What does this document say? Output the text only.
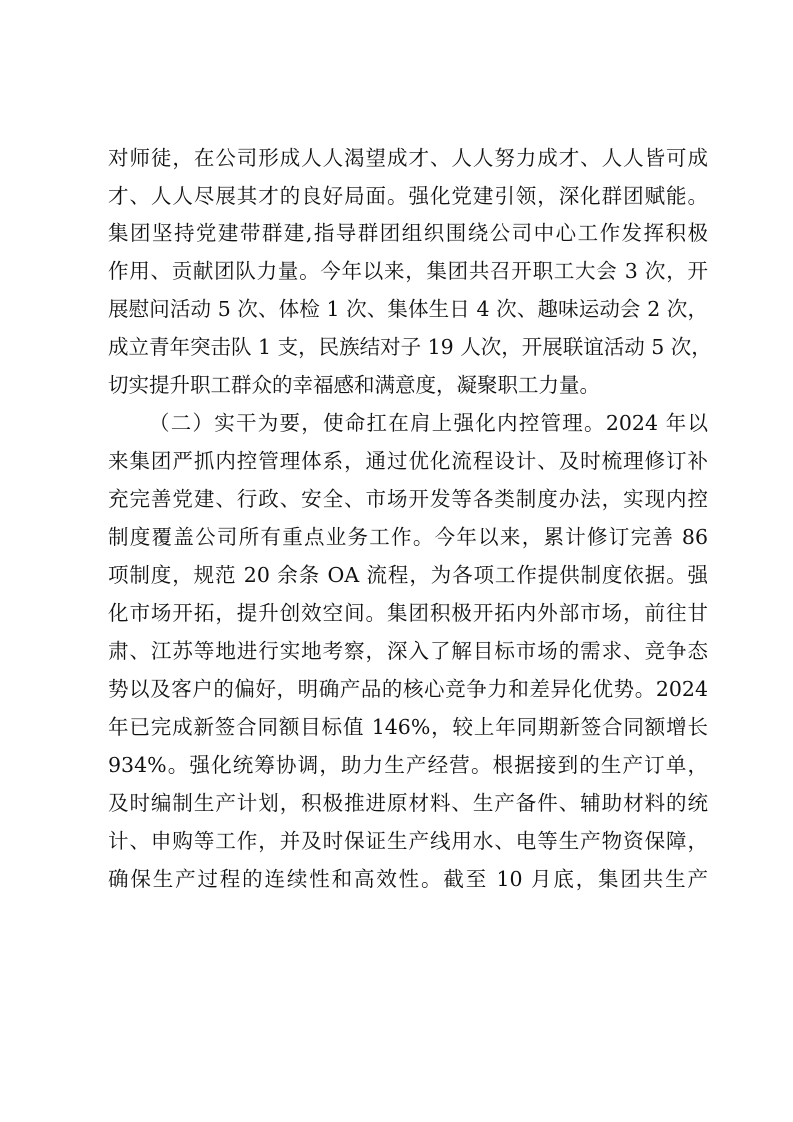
对师徒，在公司形成人人渴望成才、人人努力成才、人人皆可成
才、人人尽展其才的良好局面。强化党建引领，深化群团赋能。
集团坚持党建带群建,指导群团组织围绕公司中心工作发挥积极
作用、贡献团队力量。今年以来，集团共召开职工大会 3 次，开
展慰问活动 5 次、体检 1 次、集体生日 4 次、趣味运动会 2 次，
成立青年突击队 1 支，民族结对子 19 人次，开展联谊活动 5 次，
切实提升职工群众的幸福感和满意度，凝聚职工力量。
（二）实干为要，使命扛在肩上强化内控管理。2024 年以
来集团严抓内控管理体系，通过优化流程设计、及时梳理修订补
充完善党建、行政、安全、市场开发等各类制度办法，实现内控
制度覆盖公司所有重点业务工作。今年以来，累计修订完善 86
项制度，规范 20 余条 OA 流程，为各项工作提供制度依据。强
化市场开拓，提升创效空间。集团积极开拓内外部市场，前往甘
肃、江苏等地进行实地考察，深入了解目标市场的需求、竞争态
势以及客户的偏好，明确产品的核心竞争力和差异化优势。2024
年已完成新签合同额目标值 146%，较上年同期新签合同额增长
934%。强化统筹协调，助力生产经营。根据接到的生产订单，
及时编制生产计划，积极推进原材料、生产备件、辅助材料的统
计、申购等工作，并及时保证生产线用水、电等生产物资保障，
确保生产过程的连续性和高效性。截至 10 月底，集团共生产
